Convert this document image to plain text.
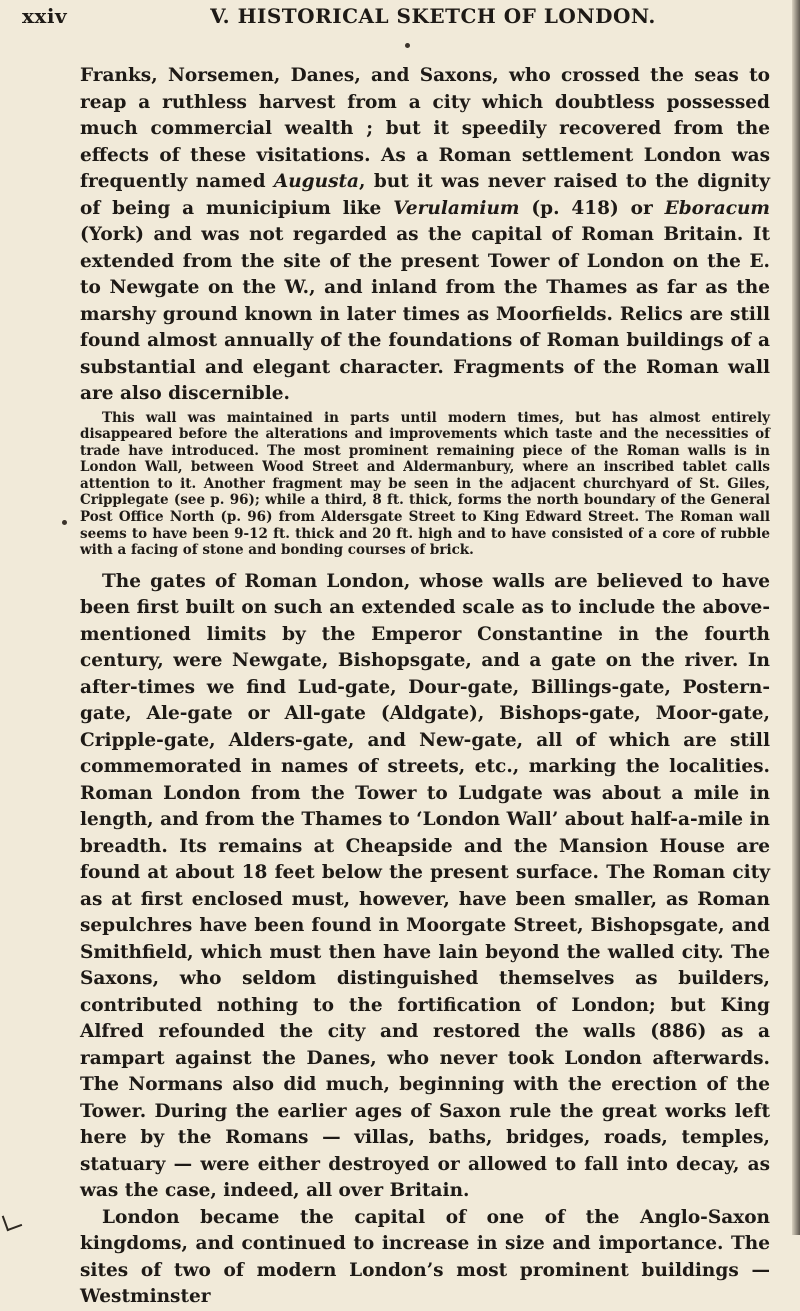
xxiv	V. HISTORICAL SKETCH OF LONDON.

Franks, Norsemen, Danes, and Saxons, who crossed the seas to reap a ruthless harvest from a city which doubtless possessed much commercial wealth ; but it speedily recovered from the effects of these visitations. As a Roman settlement London was frequently named Augusta, but it was never raised to the dignity of being a municipium like Verulamium (p. 418) or Eboracum (York) and was not regarded as the capital of Roman Britain. It extended from the site of the present Tower of London on the E. to Newgate on the W., and inland from the Thames as far as the marshy ground known in later times as Moorfields. Relics are still found almost annually of the foundations of Roman buildings of a substantial and elegant character. Fragments of the Roman wall are also discernible.

This wall was maintained in parts until modern times, but has almost entirely disappeared before the alterations and improvements which taste and the necessities of trade have introduced. The most prominent remaining piece of the Roman walls is in London Wall, between Wood Street and Aldermanbury, where an inscribed tablet calls attention to it. Another fragment may be seen in the adjacent churchyard of St. Giles, Cripplegate (see p. 96); while a third, 8 ft. thick, forms the north boundary of the General Post Office North (p. 96) from Aldersgate Street to King Edward Street. The Roman wall seems to have been 9-12 ft. thick and 20 ft. high and to have consisted of a core of rubble with a facing of stone and bonding courses of brick.

The gates of Roman London, whose walls are believed to have been first built on such an extended scale as to include the above-mentioned limits by the Emperor Constantine in the fourth century, were Newgate, Bishopsgate, and a gate on the river. In after-times we find Lud-gate, Dour-gate, Billings-gate, Postern-gate, Ale-gate or All-gate (Aldgate), Bishops-gate, Moor-gate, Cripple-gate, Alders-gate, and New-gate, all of which are still commemorated in names of streets, etc., marking the localities. Roman London from the Tower to Ludgate was about a mile in length, and from the Thames to ‘London Wall’ about half-a-mile in breadth. Its remains at Cheapside and the Mansion House are found at about 18 feet below the present surface. The Roman city as at first enclosed must, however, have been smaller, as Roman sepulchres have been found in Moorgate Street, Bishopsgate, and Smithfield, which must then have lain beyond the walled city. The Saxons, who seldom distinguished themselves as builders, contributed nothing to the fortification of London; but King Alfred refounded the city and restored the walls (886) as a rampart against the Danes, who never took London afterwards. The Normans also did much, beginning with the erection of the Tower. During the earlier ages of Saxon rule the great works left here by the Romans — villas, baths, bridges, roads, temples, statuary — were either destroyed or allowed to fall into decay, as was the case, indeed, all over Britain.

London became the capital of one of the Anglo-Saxon kingdoms, and continued to increase in size and importance. The sites of two of modern London’s most prominent buildings — Westminster
